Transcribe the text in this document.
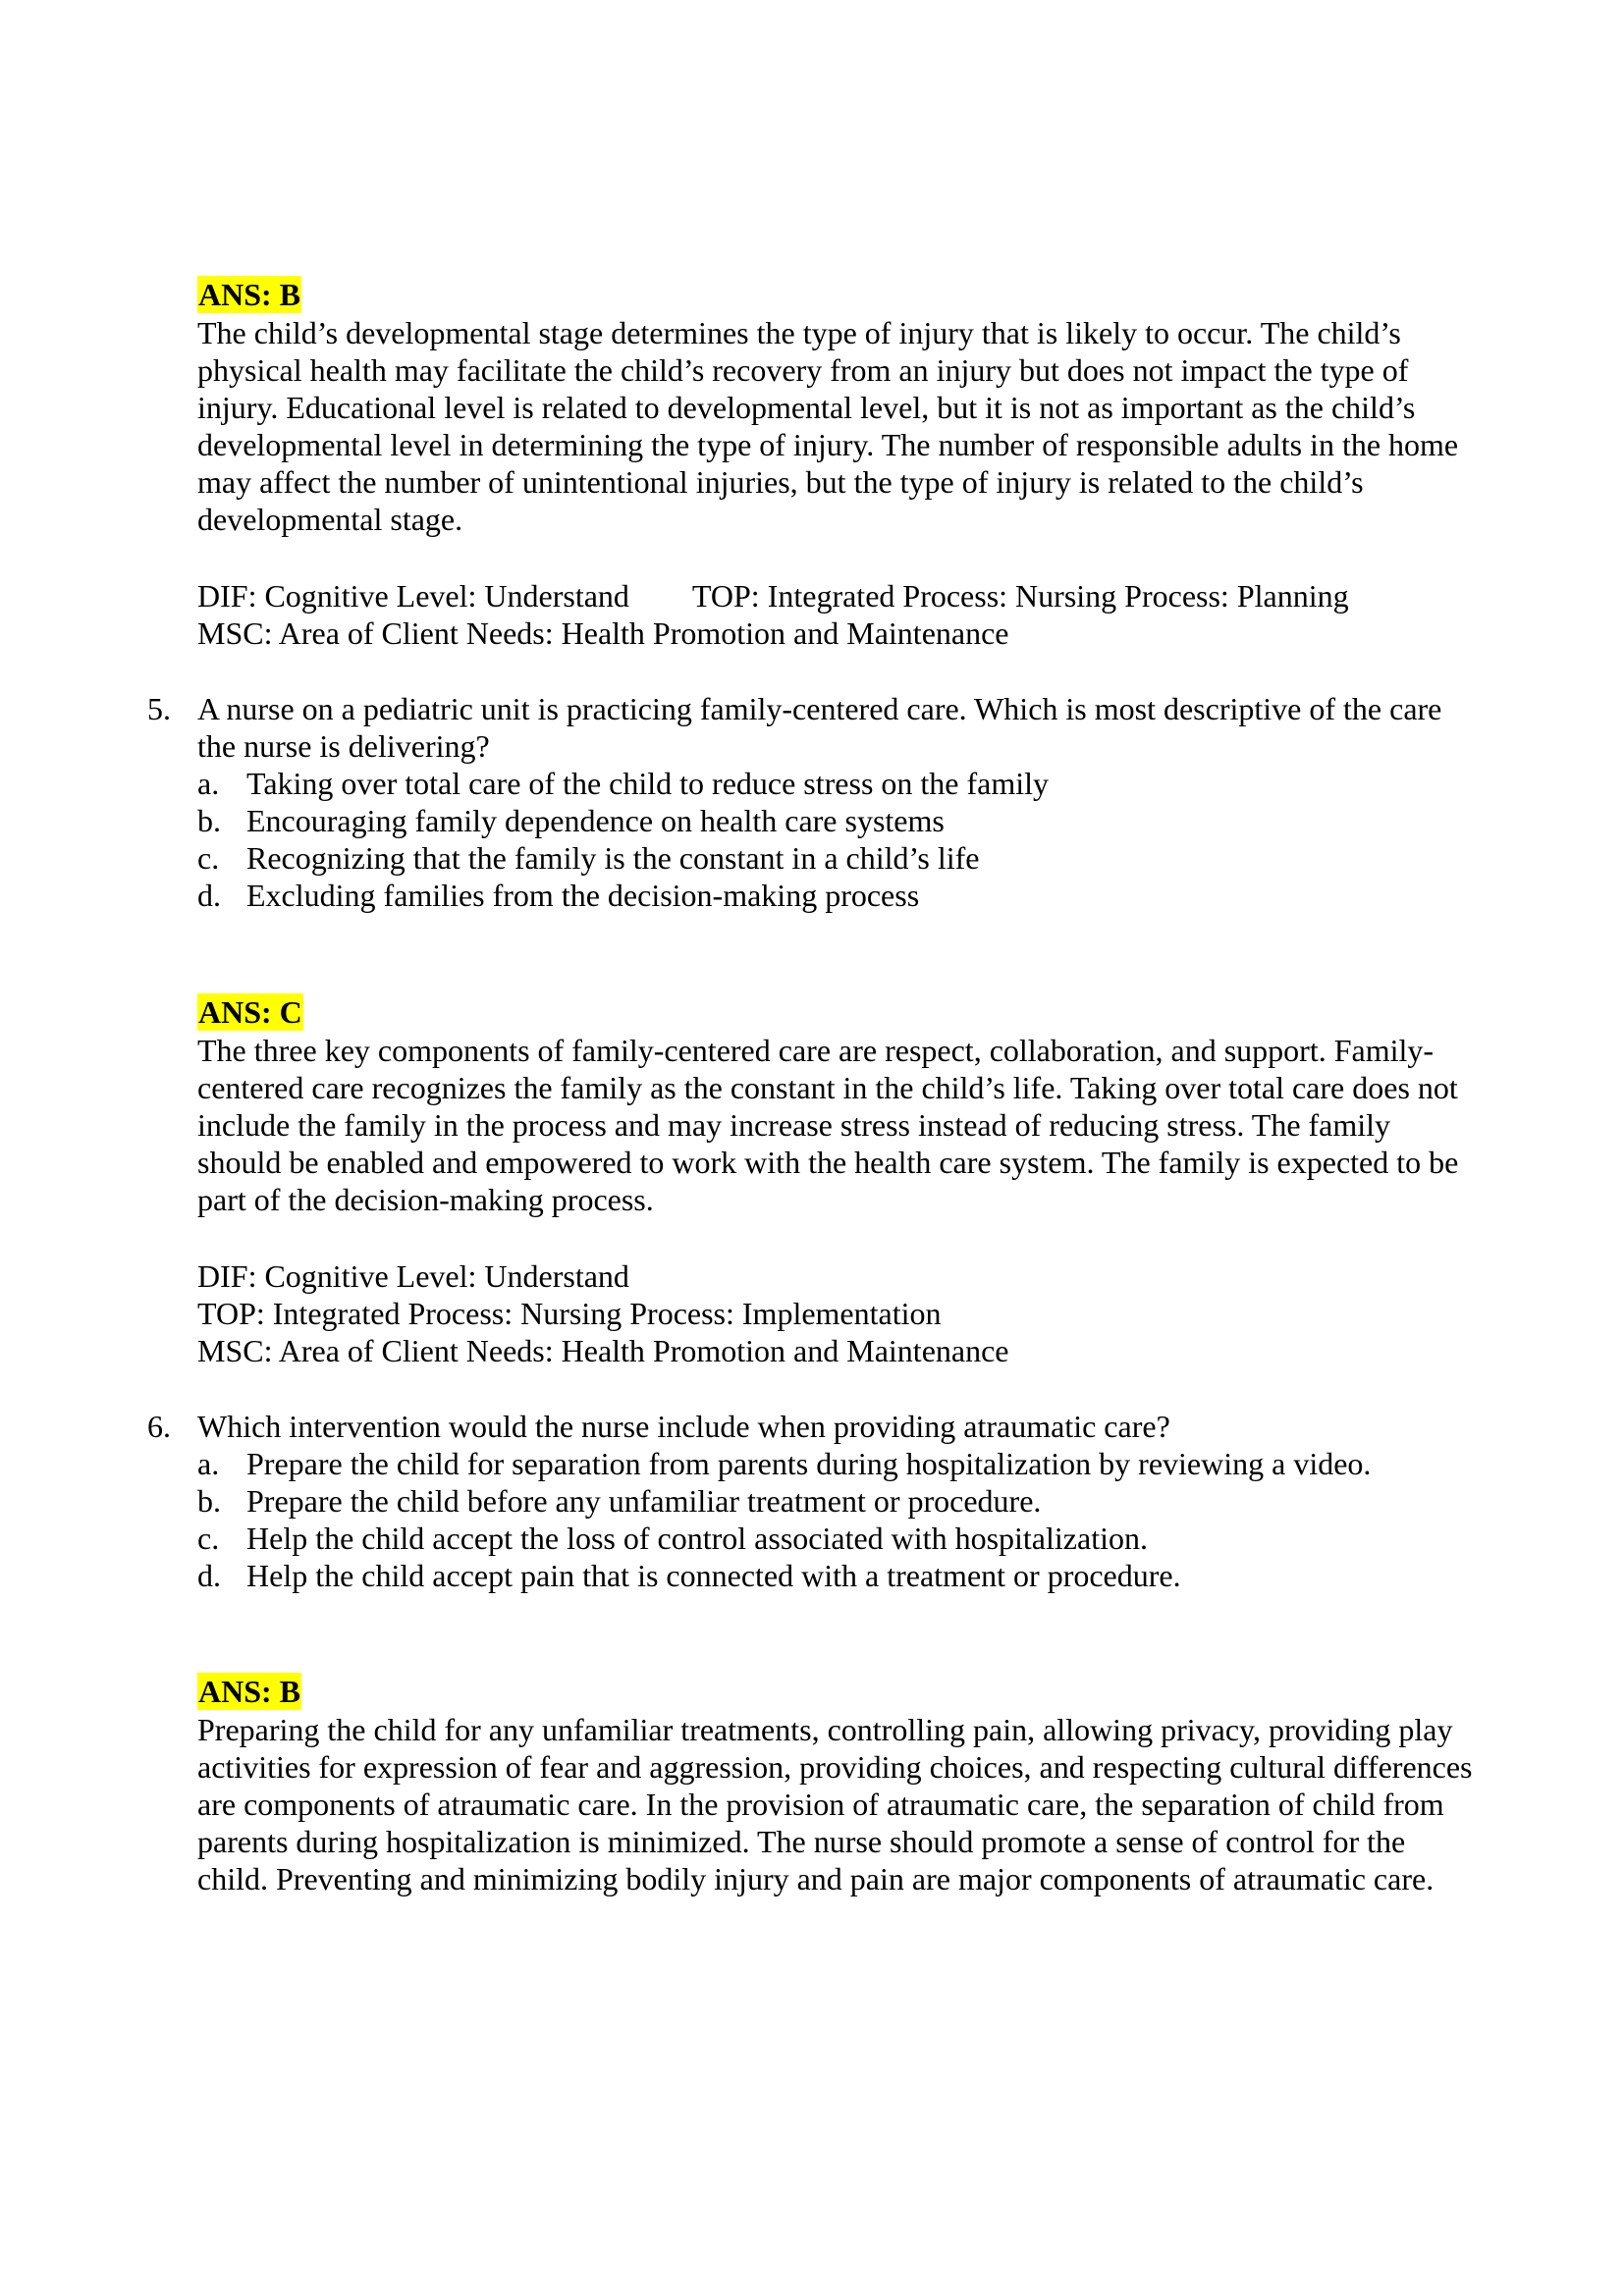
ANS: B

The child’s developmental stage determines the type of injury that is likely to occur. The child’s physical health may facilitate the child’s recovery from an injury but does not impact the type of injury. Educational level is related to developmental level, but it is not as important as the child’s developmental level in determining the type of injury. The number of responsible adults in the home may affect the number of unintentional injuries, but the type of injury is related to the child’s developmental stage.

DIF: Cognitive Level: Understand TOP: Integrated Process: Nursing Process: Planning

MSC: Area of Client Needs: Health Promotion and Maintenance

5. A nurse on a pediatric unit is practicing family-centered care. Which is most descriptive of the care the nurse is delivering?
a. Taking over total care of the child to reduce stress on the family
b. Encouraging family dependence on health care systems
c. Recognizing that the family is the constant in a child’s life
d. Excluding families from the decision-making process
ANS: C

The three key components of family-centered care are respect, collaboration, and support. Family-centered care recognizes the family as the constant in the child’s life. Taking over total care does not include the family in the process and may increase stress instead of reducing stress. The family should be enabled and empowered to work with the health care system. The family is expected to be part of the decision-making process.

DIF: Cognitive Level: Understand

TOP: Integrated Process: Nursing Process: Implementation

MSC: Area of Client Needs: Health Promotion and Maintenance

6. Which intervention would the nurse include when providing atraumatic care?
a. Prepare the child for separation from parents during hospitalization by reviewing a video.
b. Prepare the child before any unfamiliar treatment or procedure.
c. Help the child accept the loss of control associated with hospitalization.
d. Help the child accept pain that is connected with a treatment or procedure.
ANS: B

Preparing the child for any unfamiliar treatments, controlling pain, allowing privacy, providing play activities for expression of fear and aggression, providing choices, and respecting cultural differences are components of atraumatic care. In the provision of atraumatic care, the separation of child from parents during hospitalization is minimized. The nurse should promote a sense of control for the child. Preventing and minimizing bodily injury and pain are major components of atraumatic care.
